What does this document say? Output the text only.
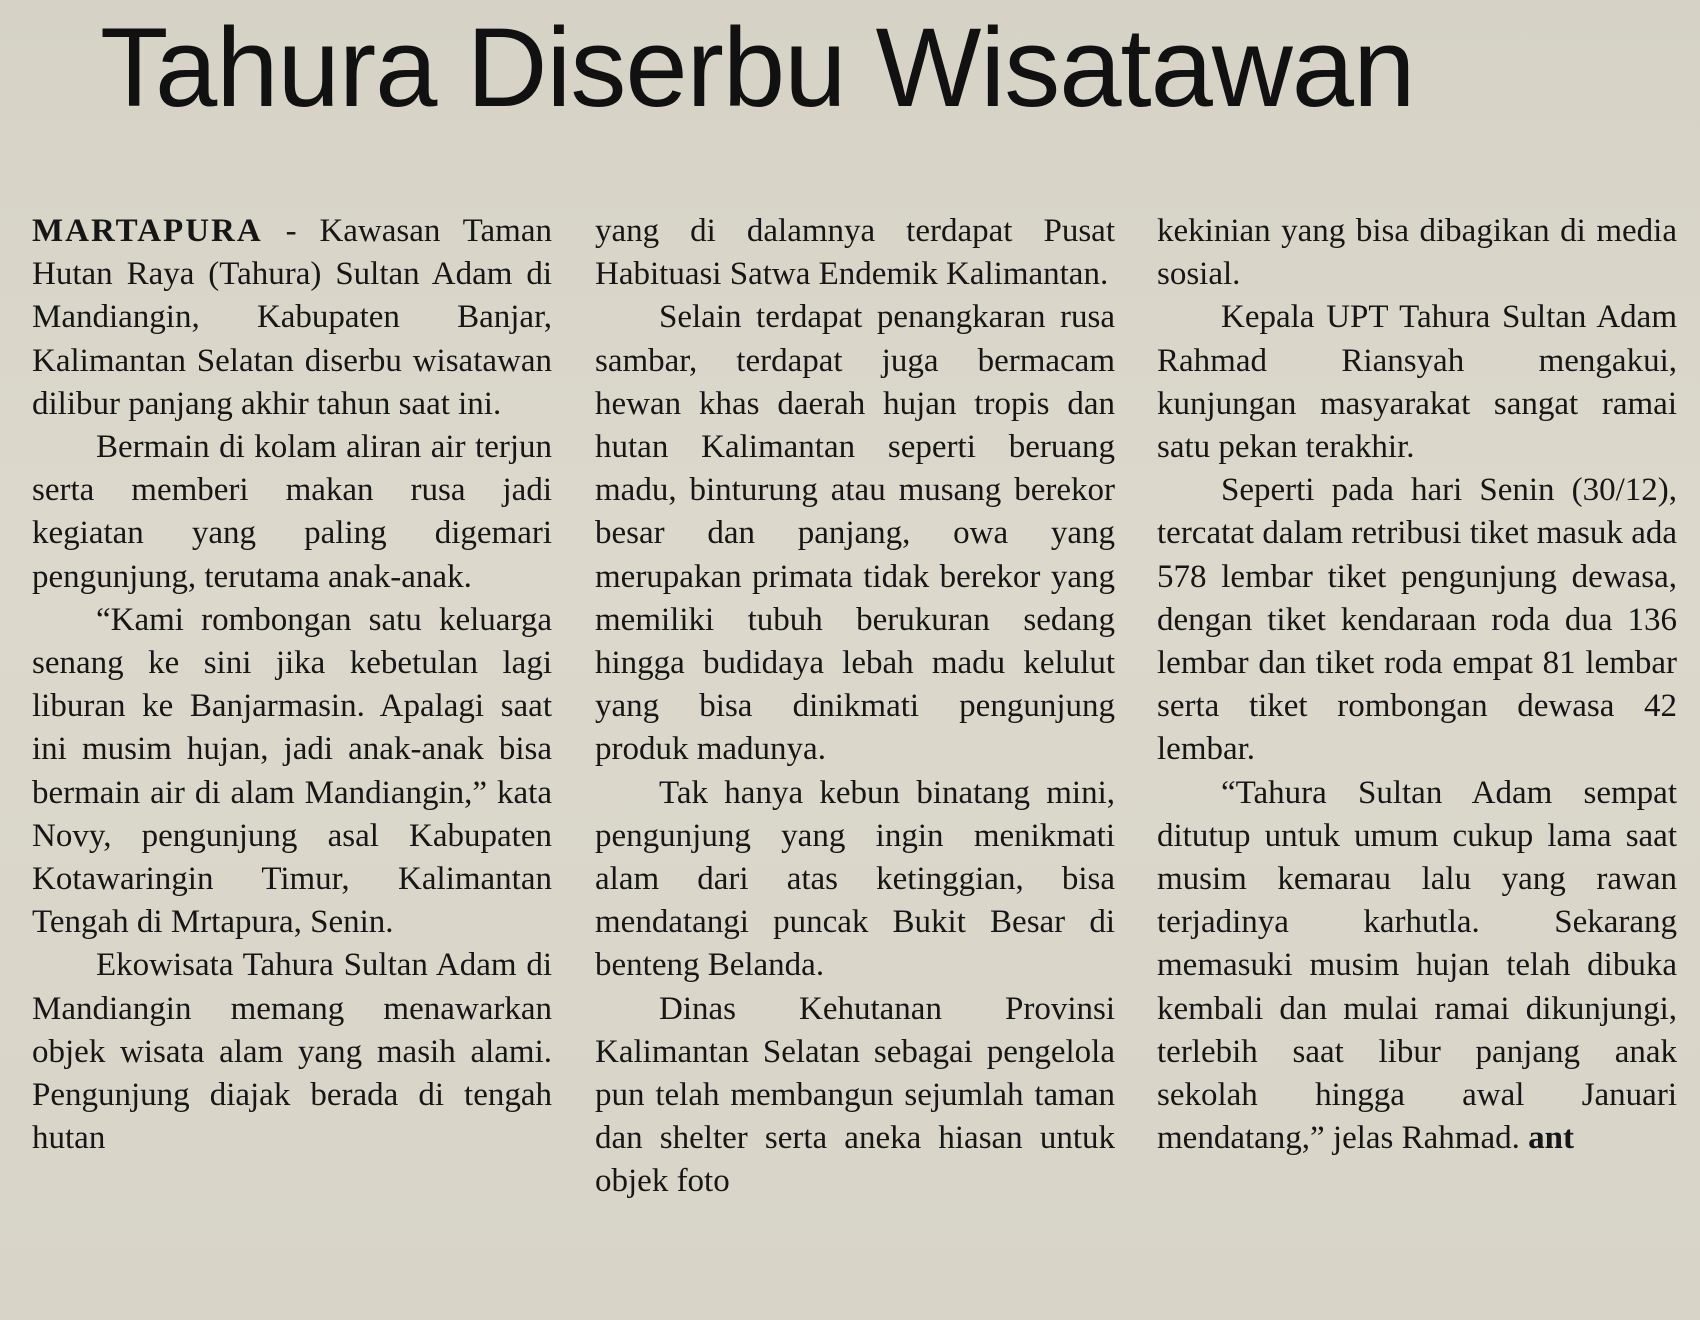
Tahura Diserbu Wisatawan

MARTAPURA - Kawasan Taman Hutan Raya (Tahura) Sultan Adam di Mandiangin, Kabupaten Banjar, Kalimantan Selatan diserbu wisatawan dilibur panjang akhir tahun saat ini.

Bermain di kolam aliran air terjun serta memberi makan rusa jadi kegiatan yang paling digemari pengunjung, terutama anak-anak.

“Kami rombongan satu keluarga senang ke sini jika kebetulan lagi liburan ke Banjarmasin. Apalagi saat ini musim hujan, jadi anak-anak bisa bermain air di alam Mandiangin,” kata Novy, pengunjung asal Kabupaten Kotawaringin Timur, Kalimantan Tengah di Mrtapura, Senin.

Ekowisata Tahura Sultan Adam di Mandiangin memang menawarkan objek wisata alam yang masih alami. Pengunjung diajak berada di tengah hutan

yang di dalamnya terdapat Pusat Habituasi Satwa Endemik Kalimantan.

Selain terdapat penangkaran rusa sambar, terdapat juga bermacam hewan khas daerah hujan tropis dan hutan Kalimantan seperti beruang madu, binturung atau musang berekor besar dan panjang, owa yang merupakan primata tidak berekor yang memiliki tubuh berukuran sedang hingga budidaya lebah madu kelulut yang bisa dinikmati pengunjung produk madunya.

Tak hanya kebun binatang mini, pengunjung yang ingin menikmati alam dari atas ketinggian, bisa mendatangi puncak Bukit Besar di benteng Belanda.

Dinas Kehutanan Provinsi Kalimantan Selatan sebagai pengelola pun telah membangun sejumlah taman dan shelter serta aneka hiasan untuk objek foto

kekinian yang bisa dibagikan di media sosial.

Kepala UPT Tahura Sultan Adam Rahmad Riansyah mengakui, kunjungan masyarakat sangat ramai satu pekan terakhir.

Seperti pada hari Senin (30/12), tercatat dalam retribusi tiket masuk ada 578 lembar tiket pengunjung dewasa, dengan tiket kendaraan roda dua 136 lembar dan tiket roda empat 81 lembar serta tiket rombongan dewasa 42 lembar.

“Tahura Sultan Adam sempat ditutup untuk umum cukup lama saat musim kemarau lalu yang rawan terjadinya karhutla. Sekarang memasuki musim hujan telah dibuka kembali dan mulai ramai dikunjungi, terlebih saat libur panjang anak sekolah hingga awal Januari mendatang,” jelas Rahmad. ant
